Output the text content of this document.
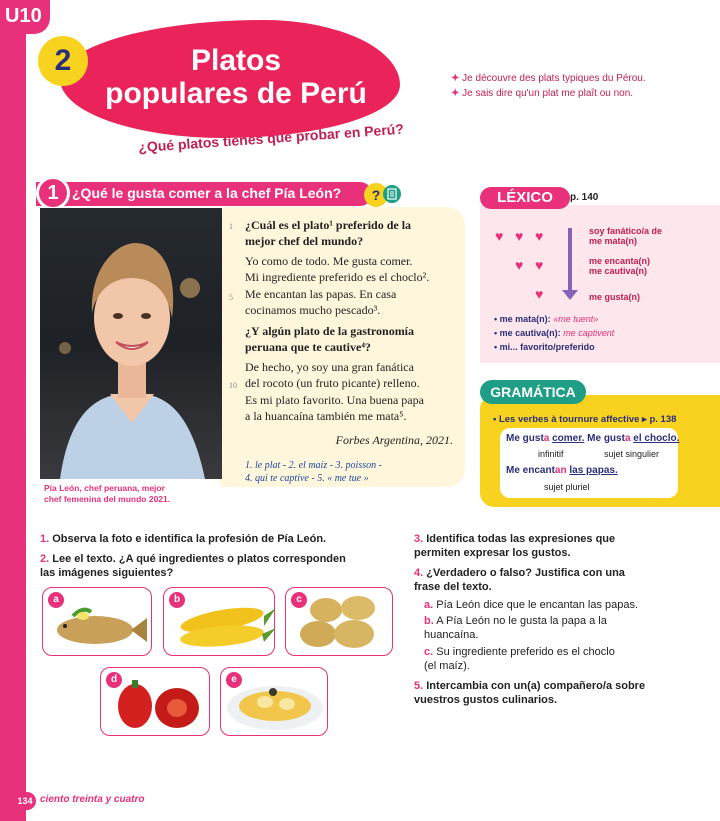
U10
2	Platos
populares de Perú
¿Qué platos tienes que probar en Perú?
✦ Je découvre des plats typiques du Pérou.
✦ Je sais dire qu'un plat me plaît ou non.
1 ¿Qué le gusta comer a la chef Pía León?	?
Pía León, chef peruana, mejor
chef femenina del mundo 2021.
1
5
10
¿Cuál es el plato¹ preferido de la
mejor chef del mundo?
Yo como de todo. Me gusta comer.
Mi ingrediente preferido es el choclo².
Me encantan las papas. En casa
cocinamos mucho pescado³.
¿Y algún plato de la gastronomía
peruana que te cautive⁴?
De hecho, yo soy una gran fanática
del rocoto (un fruto picante) relleno.
Es mi plato favorito. Una buena papa
a la huancaína también me mata⁵.
Forbes Argentina, 2021.
1. le plat - 2. el maíz - 3. poisson -
4. qui te captive - 5. « me tue »
LÉXICO	p. 140
♥ ♥ ♥
♥ ♥
♥
soy fanático/a de
me mata(n)
me encanta(n)
me cautiva(n)
me gusta(n)
• me mata(n): «me tuent»
• me cautiva(n): me captivent
• mi... favorito/preferido
GRAMÁTICA
• Les verbes à tournure affective ▸ p. 138
Me gusta comer. Me gusta el choclo.
infinitif	sujet singulier
Me encantan las papas.
sujet pluriel
1. Observa la foto e identifica la profesión de Pía León.
2. Lee el texto. ¿A qué ingredientes o platos corresponden
las imágenes siguientes?
a	b	c
d	e
3. Identifica todas las expresiones que
permiten expresar los gustos.
4. ¿Verdadero o falso? Justifica con una
frase del texto.
a. Pía León dice que le encantan las papas.
b. A Pía León no le gusta la papa a la
huancaína.
c. Su ingrediente preferido es el choclo
(el maíz).
5. Intercambia con un(a) compañero/a sobre
vuestros gustos culinarios.
134 ciento treinta y cuatro
